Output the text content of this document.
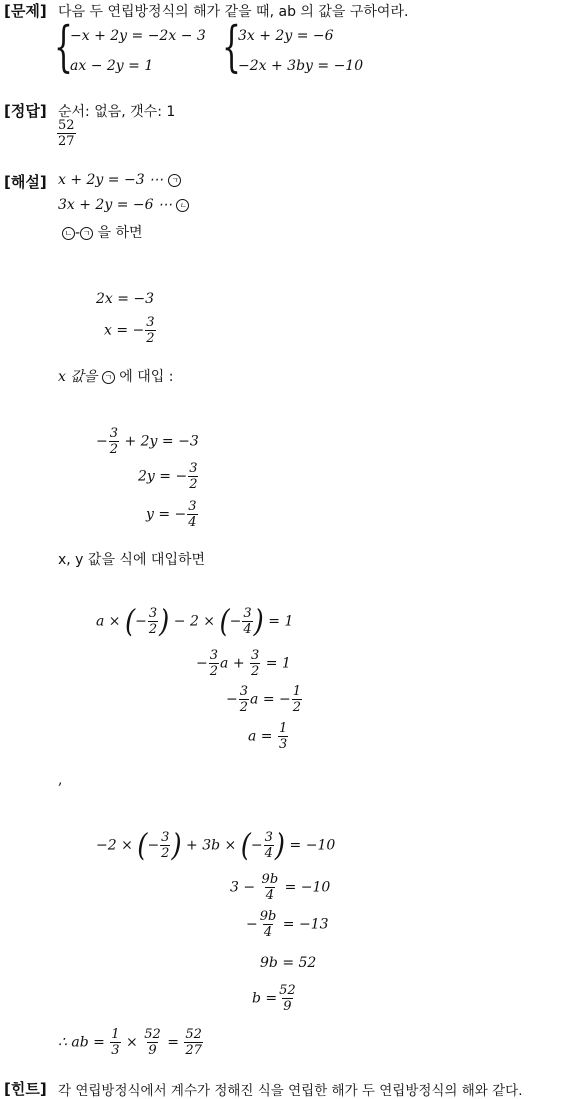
[문제] 다음 두 연립방정식의 해가 같을 때, ab 의 값을 구하여라.
{
−x + 2y = −2x − 3
ax − 2y = 1 {
3x + 2y = −6
−2x + 3by = −10
[정답] 순서: 없음, 갯수: 1
$\frac{52}{27}$
[해설] x + 2y = −3 ⋯ ㄱ
3x + 2y = −6 ⋯ ㄴ
ㄴ - ㄱ 을 하면
2x = −3
x = − $\frac{3}{2}$
x 값을 ㄱ 에 대입 :
− $\frac{3}{2} + 2y = -3$
2y = − $\frac{3}{2}$
y = − $\frac{3}{4}$
x, y 값을 식에 대입하면
a × (− $\frac{3}{2}$ ) − 2 × (− $\frac{3}{4}$ ) = 1
− $\frac{3}{2}$ $a + \frac{3}{2} = 1$
− $\frac{3}{2}$ a = − $\frac{1}{2}$
$a = \frac{1}{3}$
,
−2 × (− $\frac{3}{2}$ ) + 3b × (− $\frac{3}{4}$ ) = −10
$3 - \frac{9b}{4} = -10$
− $\frac{9b}{4} = -13$
9b = 52
$b = \frac{52}{9}$
∴ ab = $\frac{1}{3} \times \frac{52}{9} = \frac{52}{27}$
[힌트] 각 연립방정식에서 계수가 정해진 식을 연립한 해가 두 연립방정식의 해와 같다.
